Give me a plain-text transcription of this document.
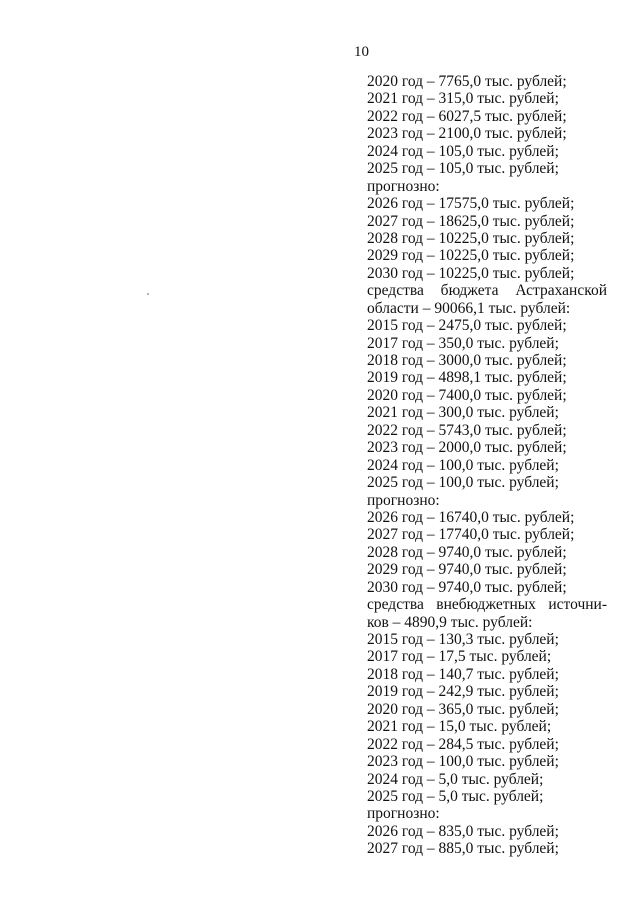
10
2020 год – 7765,0 тыс. рублей;
2021 год – 315,0 тыс. рублей;
2022 год – 6027,5 тыс. рублей;
2023 год – 2100,0 тыс. рублей;
2024 год – 105,0 тыс. рублей;
2025 год – 105,0 тыс. рублей;
прогнозно:
2026 год – 17575,0 тыс. рублей;
2027 год – 18625,0 тыс. рублей;
2028 год ‒ 10225,0 тыс. рублей;
2029 год – 10225,0 тыс. рублей;
2030 год – 10225,0 тыс. рублей;
средства бюджета Астраханской
области – 90066,1 тыс. рублей:
2015 год – 2475,0 тыс. рублей;
2017 год – 350,0 тыс. рублей;
2018 год – 3000,0 тыс. рублей;
2019 год – 4898,1 тыс. рублей;
2020 год – 7400,0 тыс. рублей;
2021 год – 300,0 тыс. рублей;
2022 год – 5743,0 тыс. рублей;
2023 год – 2000,0 тыс. рублей;
2024 год – 100,0 тыс. рублей;
2025 год – 100,0 тыс. рублей;
прогнозно:
2026 год – 16740,0 тыс. рублей;
2027 год – 17740,0 тыс. рублей;
2028 год – 9740,0 тыс. рублей;
2029 год – 9740,0 тыс. рублей;
2030 год – 9740,0 тыс. рублей;
средства внебюджетных источни-
ков – 4890,9 тыс. рублей:
2015 год – 130,3 тыс. рублей;
2017 год – 17,5 тыс. рублей;
2018 год – 140,7 тыс. рублей;
2019 год – 242,9 тыс. рублей;
2020 год – 365,0 тыс. рублей;
2021 год – 15,0 тыс. рублей;
2022 год – 284,5 тыс. рублей;
2023 год – 100,0 тыс. рублей;
2024 год – 5,0 тыс. рублей;
2025 год – 5,0 тыс. рублей;
прогнозно:
2026 год – 835,0 тыс. рублей;
2027 год – 885,0 тыс. рублей;
